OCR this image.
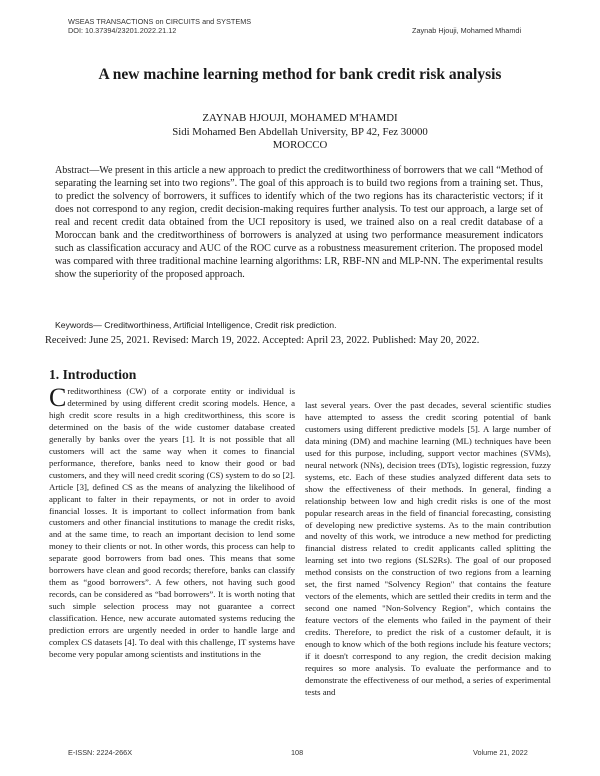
WSEAS TRANSACTIONS on CIRCUITS and SYSTEMS
DOI: 10.37394/23201.2022.21.12	Zaynab Hjouji, Mohamed Mhamdi
A new machine learning method for bank credit risk analysis
ZAYNAB HJOUJI, MOHAMED M'HAMDI
Sidi Mohamed Ben Abdellah University, BP 42, Fez 30000
MOROCCO
Abstract—We present in this article a new approach to predict the creditworthiness of borrowers that we call “Method of separating the learning set into two regions”. The goal of this approach is to build two regions from a training set. Thus, to predict the solvency of borrowers, it suffices to identify which of the two regions has its characteristic vectors; if it does not correspond to any region, credit decision-making requires further analysis. To test our approach, a large set of real and recent credit data obtained from the UCI repository is used, we trained also on a real credit database of a Moroccan bank and the creditworthiness of borrowers is analyzed at using two performance measurement indicators such as classification accuracy and AUC of the ROC curve as a robustness measurement criterion. The proposed model was compared with three traditional machine learning algorithms: LR, RBF-NN and MLP-NN. The experimental results show the superiority of the proposed approach.
Keywords— Creditworthiness, Artificial Intelligence, Credit risk prediction.
Received: June 25, 2021. Revised: March 19, 2022. Accepted: April 23, 2022. Published: May 20, 2022.
1. Introduction
C reditworthiness (CW) of a corporate entity or individual is determined by using different credit scoring models. Hence, a high credit score results in a high creditworthiness, this score is determined on the basis of the wide customer database created generally by banks over the years [1]. It is not possible that all customers will act the same way when it comes to financial performance, therefore, banks need to know their good or bad customers, and they will need credit scoring (CS) system to do so [2]. Article [3], defined CS as the means of analyzing the likelihood of applicant to falter in their repayments, or not in order to avoid financial losses. It is important to collect information from bank customers and other financial institutions to manage the credit risks, and at the same time, to reach an important decision to lend some money to their clients or not. In other words, this process can help to separate good borrowers from bad ones. This means that some borrowers have clean and good records; therefore, banks can classify them as “good borrowers”. A few others, not having such good records, can be considered as “bad borrowers”. It is worth noting that such simple selection process may not guarantee a correct classification. Hence, new accurate automated systems reducing the prediction errors are urgently needed in order to handle large and complex CS datasets [4]. To deal with this challenge, IT systems have become very popular among scientists and institutions in the

last several years. Over the past decades, several scientific studies have attempted to assess the credit scoring potential of bank customers using different predictive models [5]. A large number of data mining (DM) and machine learning (ML) techniques have been used for this purpose, including, support vector machines (SVMs), neural network (NNs), decision trees (DTs), logistic regression, fuzzy systems, etc. Each of these studies analyzed different data sets to show the effectiveness of their methods. In general, finding a relationship between low and high credit risks is one of the most popular research areas in the field of financial forecasting, consisting of developing new predictive systems. As to the main contribution and novelty of this work, we introduce a new method for predicting financial distress related to credit applicants called splitting the learning set into two regions (SLS2Rs). The goal of our proposed method consists on the construction of two regions from a learning set, the first named "Solvency Region" that contains the feature vectors of the elements, which are settled their credits in term and the second one named "Non-Solvency Region", which contains the feature vectors of the elements who failed in the payment of their credits. Therefore, to predict the risk of a customer default, it is enough to know which of the both regions include his feature vectors; if it doesn't correspond to any region, the credit decision making requires so more analysis. To evaluate the performance and to demonstrate the effectiveness of our method, a series of experimental tests and

E-ISSN: 2224-266X	108	Volume 21, 2022
